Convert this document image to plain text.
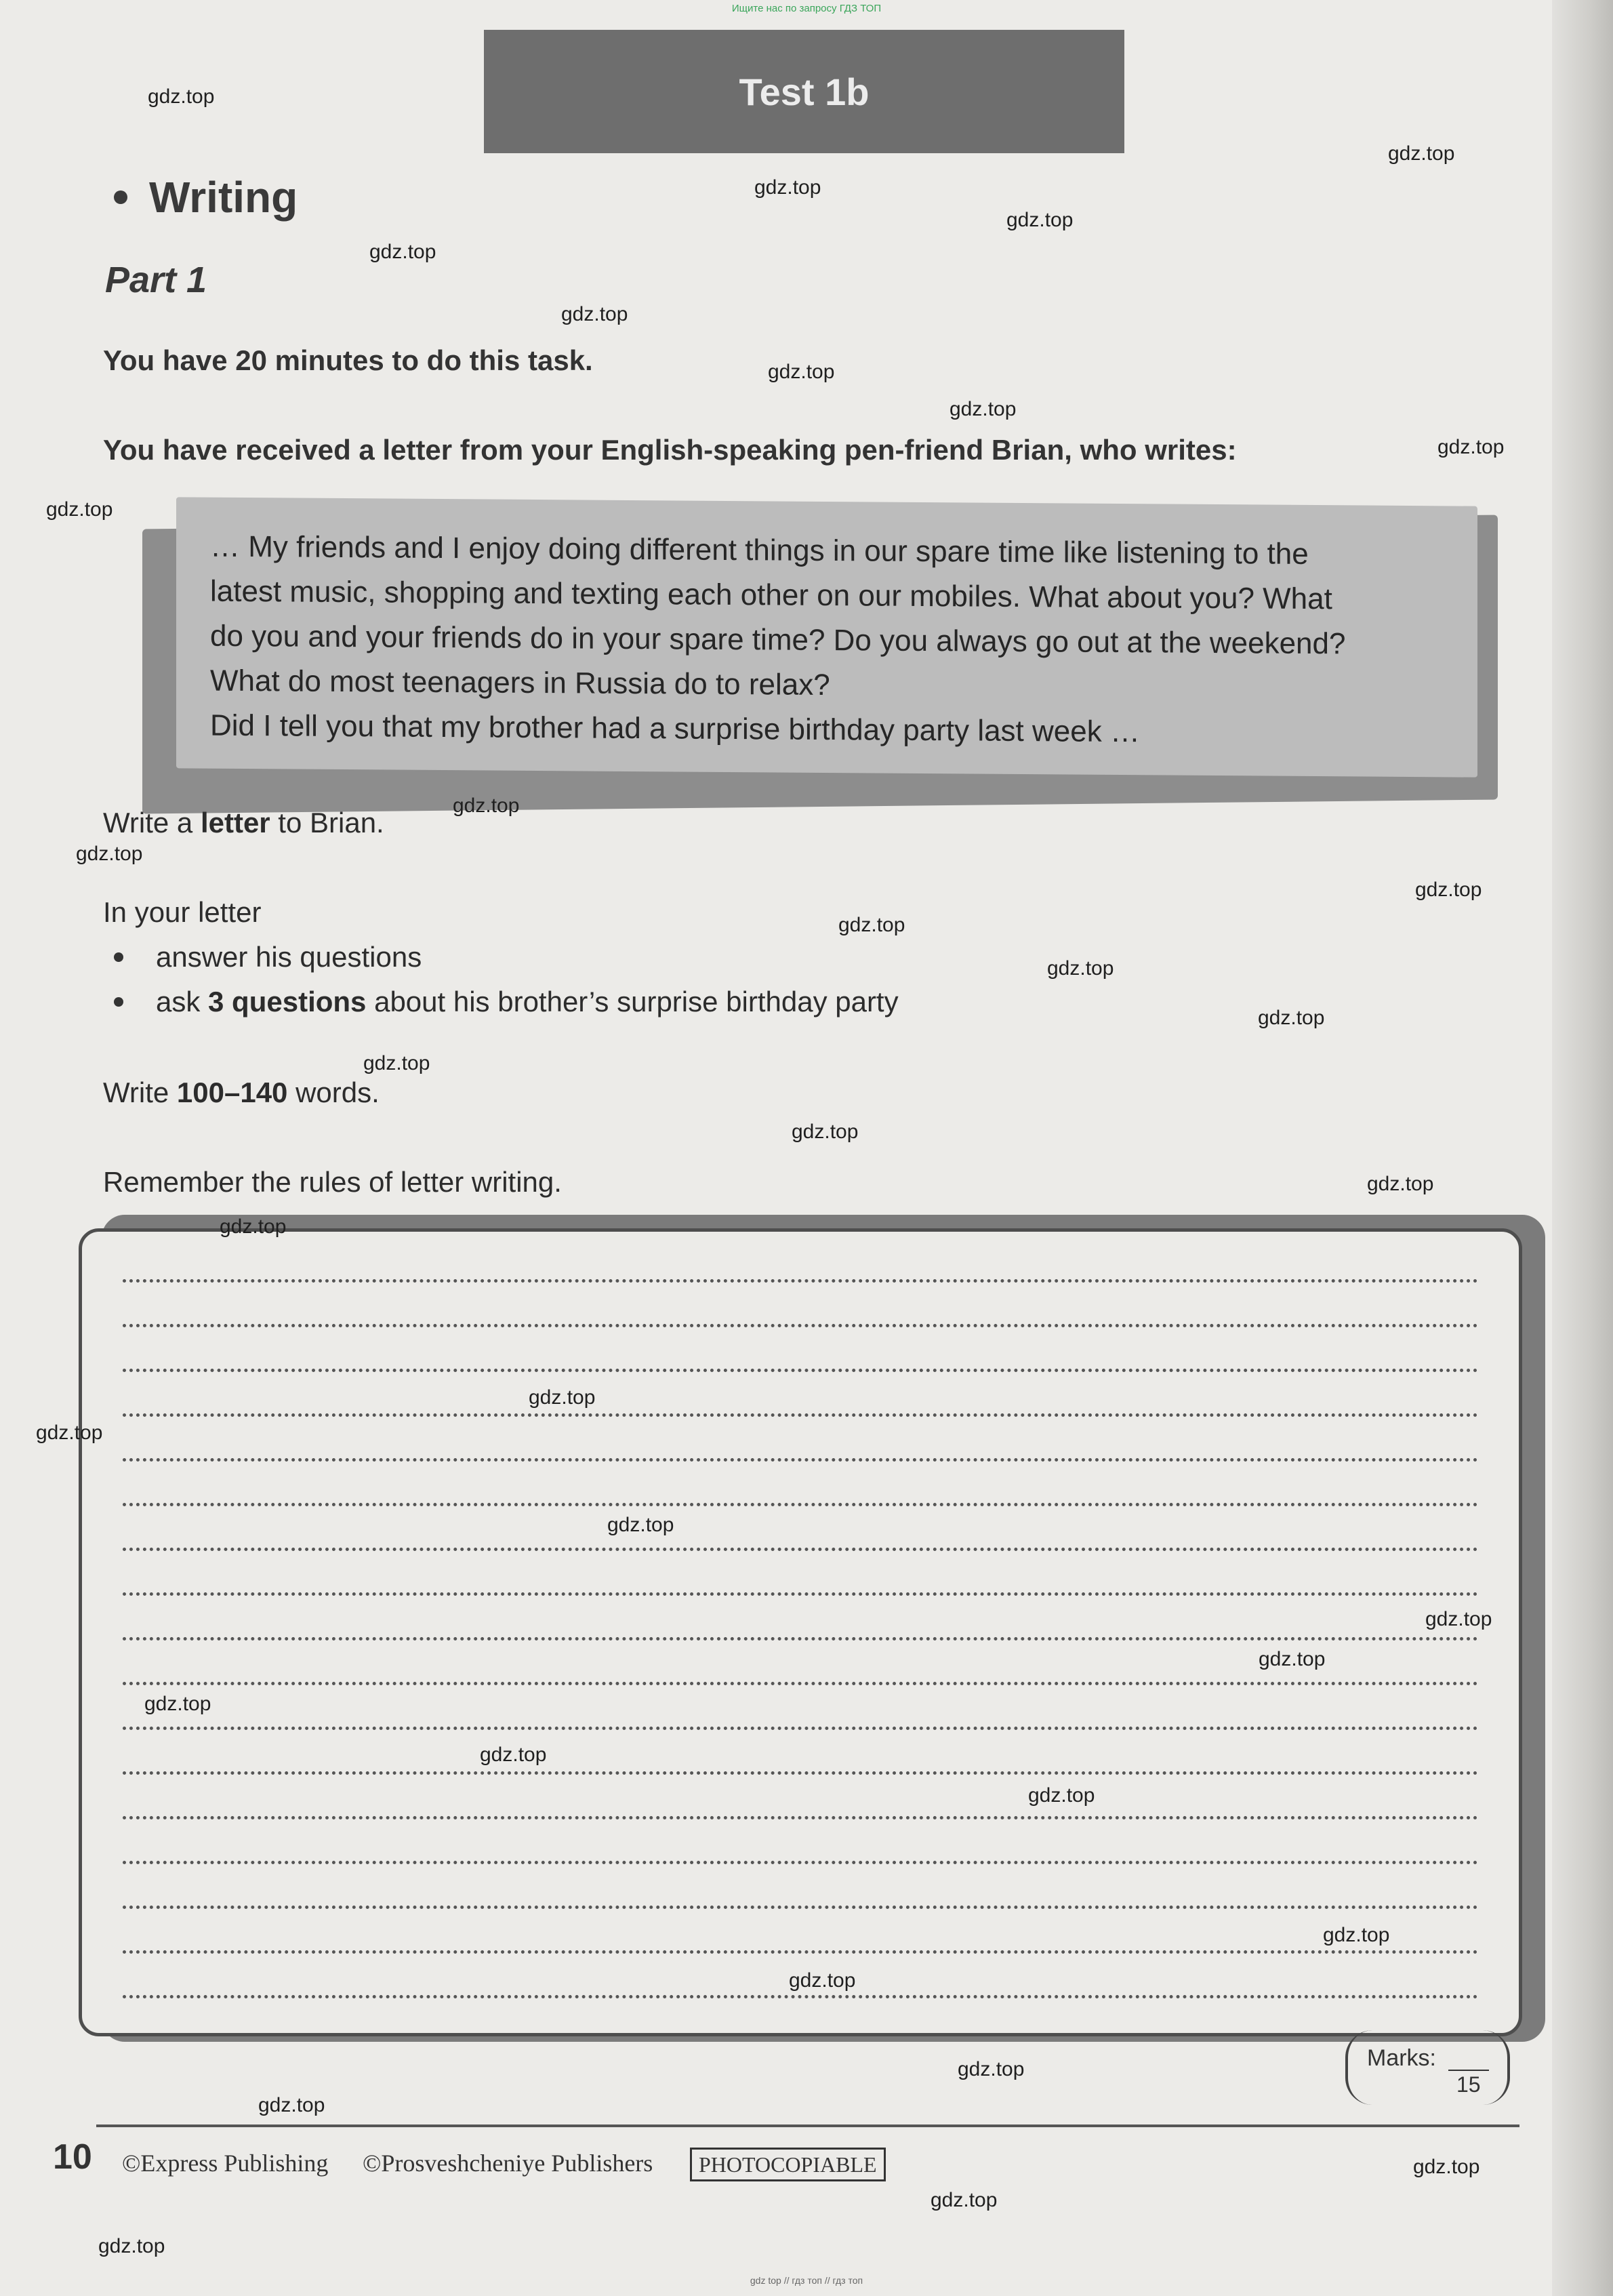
Ищите нас по запросу ГДЗ ТОП
Test 1b
Writing
Part 1
You have 20 minutes to do this task.
You have received a letter from your English-speaking pen-friend Brian, who writes:

… My friends and I enjoy doing different things in our spare time like listening to the

latest music, shopping and texting each other on our mobiles. What about you? What

do you and your friends do in your spare time? Do you always go out at the weekend?

What do most teenagers in Russia do to relax?

Did I tell you that my brother had a surprise birthday party last week …

Write a letter to Brian.
In your letter
answer his questions
ask 3 questions about his brother’s surprise birthday party
Write 100–140 words.
Remember the rules of letter writing.
Marks:
15
10 ©Express Publishing ©Prosveshcheniye Publishers	PHOTOCOPIABLE
gdz.top
gdz.top
gdz.top
gdz.top
gdz.top
gdz.top
gdz.top
gdz.top
gdz.top
gdz.top
gdz.top
gdz.top
gdz.top
gdz.top
gdz.top
gdz.top
gdz.top
gdz.top
gdz.top
gdz.top
gdz.top
gdz.top
gdz.top
gdz.top
gdz.top
gdz.top
gdz.top
gdz.top
gdz.top
gdz.top
gdz.top
gdz.top
gdz.top
gdz.top
gdz.top
gdz top // гдз топ // гдз топ
